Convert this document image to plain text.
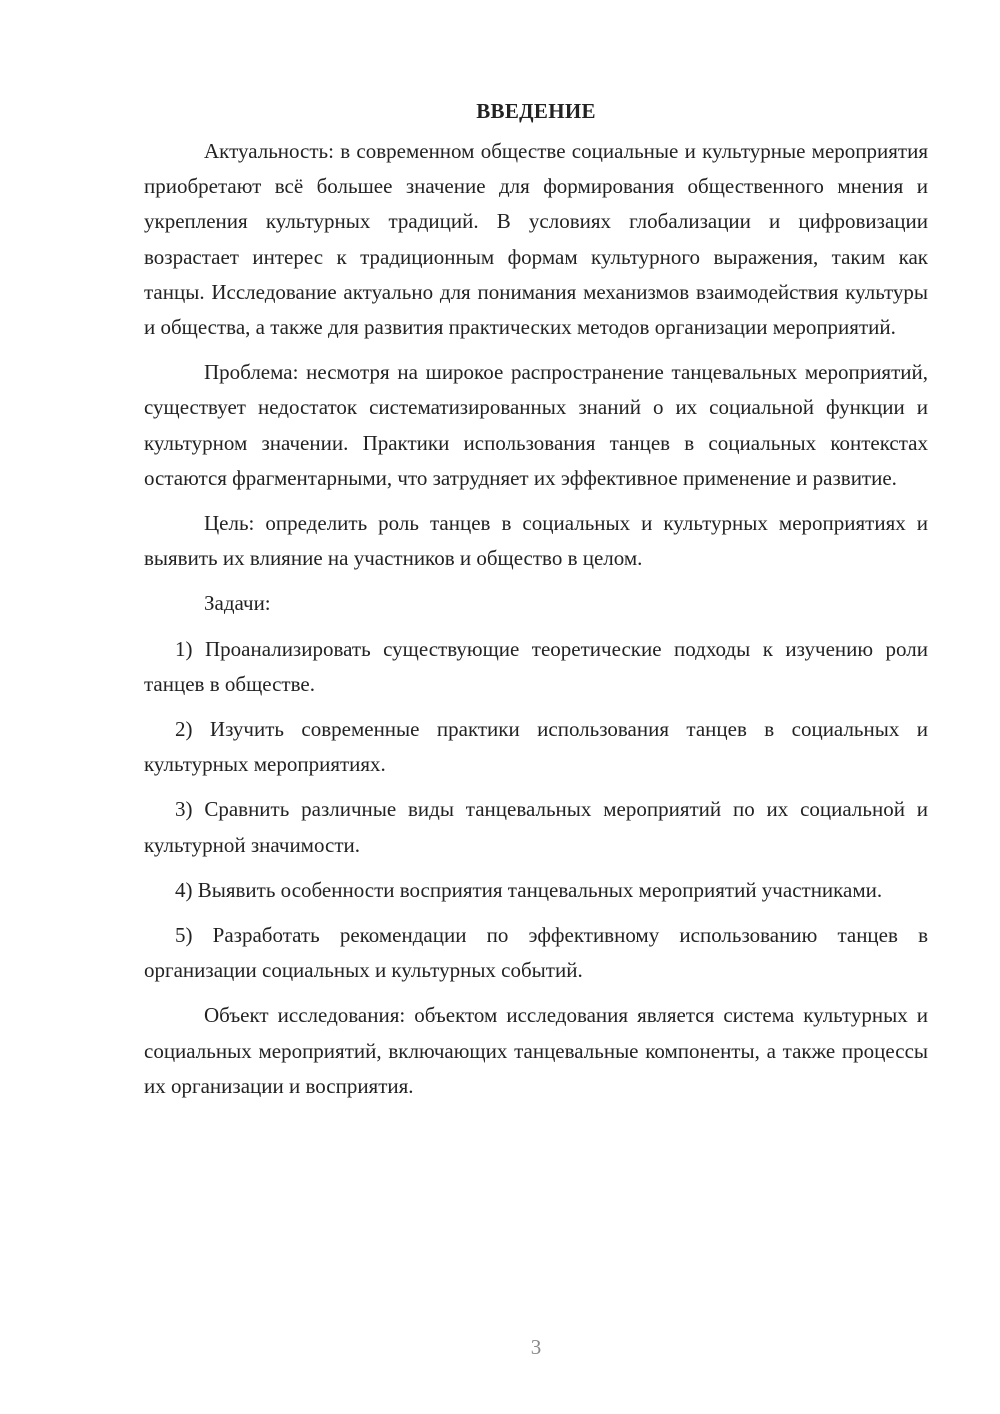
ВВЕДЕНИЕ

Актуальность: в современном обществе социальные и культурные мероприятия приобретают всё большее значение для формирования общественного мнения и укрепления культурных традиций. В условиях глобализации и цифровизации возрастает интерес к традиционным формам культурного выражения, таким как танцы. Исследование актуально для понимания механизмов взаимодействия культуры и общества, а также для развития практических методов организации мероприятий.

Проблема: несмотря на широкое распространение танцевальных мероприятий, существует недостаток систематизированных знаний о их социальной функции и культурном значении. Практики использования танцев в социальных контекстах остаются фрагментарными, что затрудняет их эффективное применение и развитие.

Цель: определить роль танцев в социальных и культурных мероприятиях и выявить их влияние на участников и общество в целом.

Задачи:

1) Проанализировать существующие теоретические подходы к изучению роли танцев в обществе.

2) Изучить современные практики использования танцев в социальных и культурных мероприятиях.

3) Сравнить различные виды танцевальных мероприятий по их социальной и культурной значимости.

4) Выявить особенности восприятия танцевальных мероприятий участниками.

5) Разработать рекомендации по эффективному использованию танцев в организации социальных и культурных событий.

Объект исследования: объектом исследования является система культурных и социальных мероприятий, включающих танцевальные компоненты, а также процессы их организации и восприятия.

3
